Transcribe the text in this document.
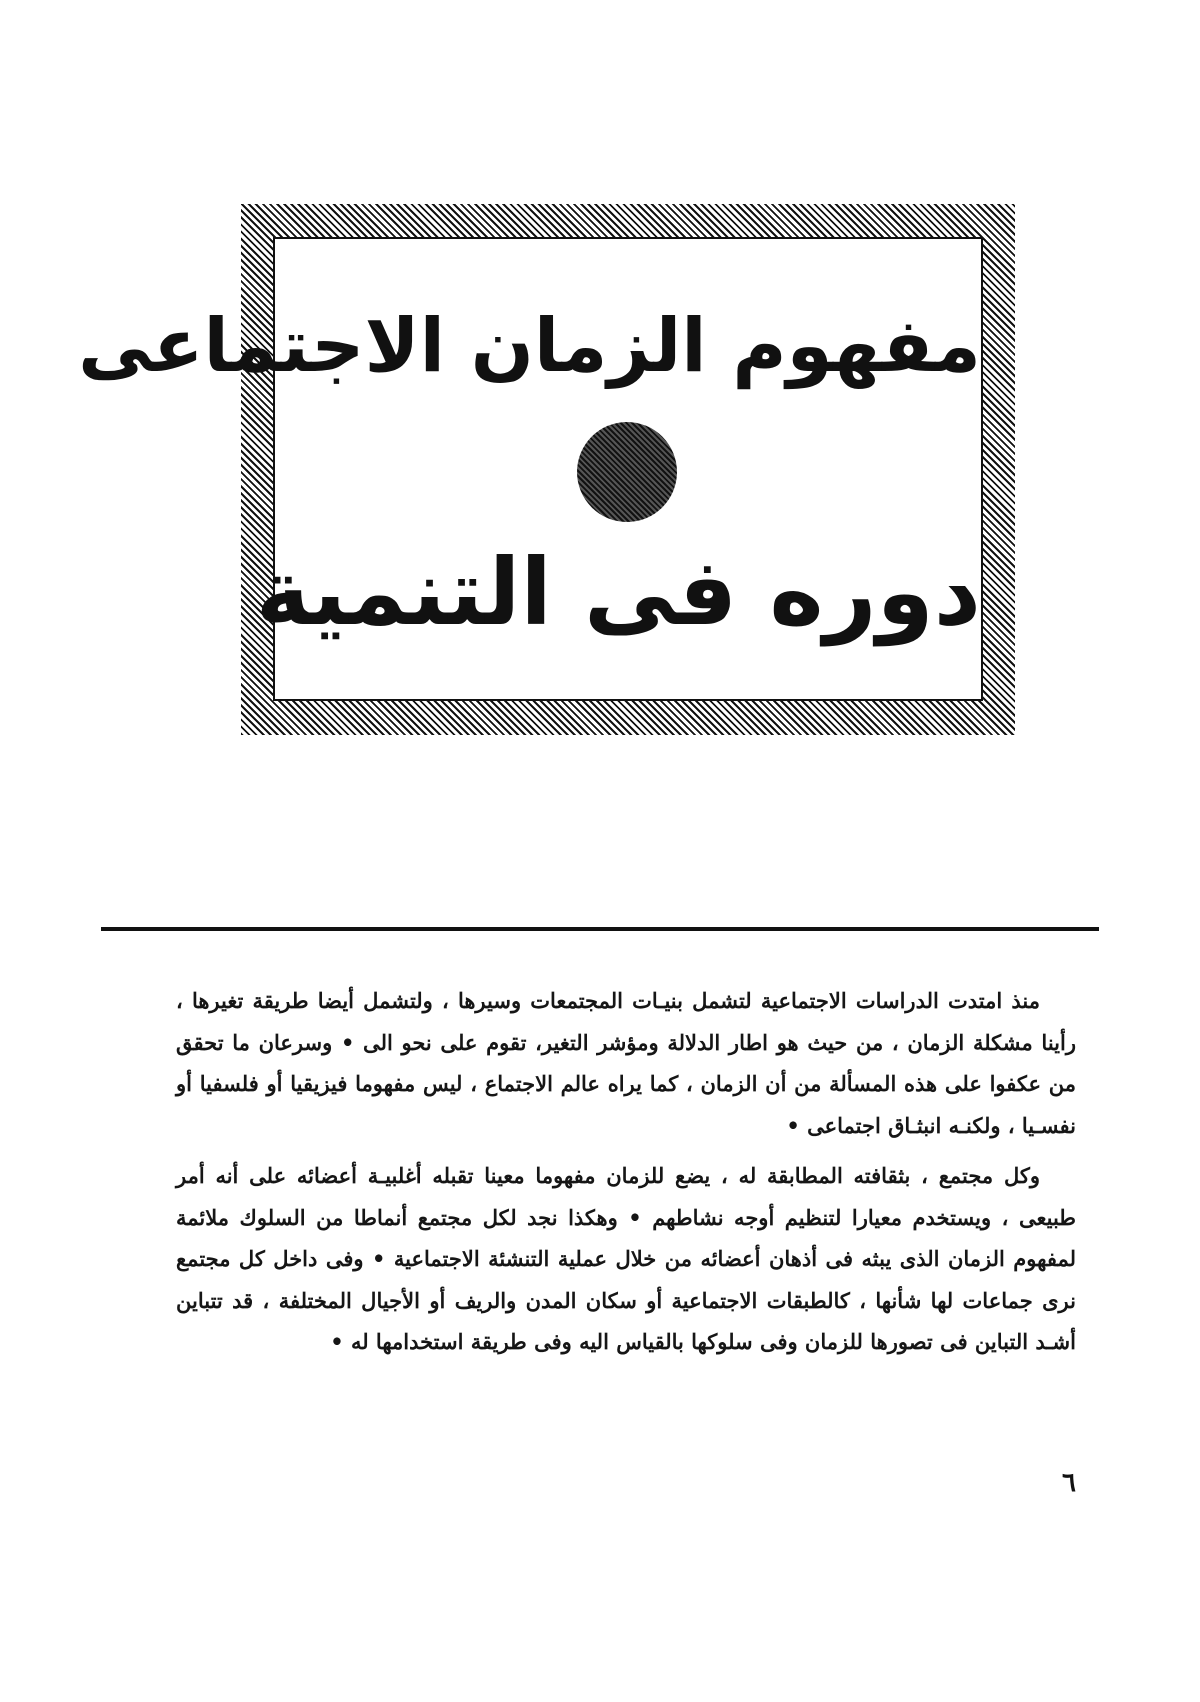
مفهوم الزمان الاجتماعى
دوره فى التنمية

منذ امتدت الدراسات الاجتماعية لتشمل بنيـات المجتمعات وسيرها ، ولتشمل أيضا طريقة تغيرها ، رأينا مشكلة الزمان ، من حيث هو اطار الدلالة ومؤشر التغير، تقوم على نحو الى • وسرعان ما تحقق من عكفوا على هذه المسألة من أن الزمان ، كما يراه عالم الاجتماع ، ليس مفهوما فيزيقيا أو فلسفيا أو نفسـيا ، ولكنـه انبثـاق اجتماعى •

وكل مجتمع ، بثقافته المطابقة له ، يضع للزمان مفهوما معينا تقبله أغلبيـة أعضائه على أنه أمر طبيعى ، ويستخدم معيارا لتنظيم أوجه نشاطهم • وهكذا نجد لكل مجتمع أنماطا من السلوك ملائمة لمفهوم الزمان الذى يبثه فى أذهان أعضائه من خلال عملية التنشئة الاجتماعية • وفى داخل كل مجتمع نرى جماعات لها شأنها ، كالطبقات الاجتماعية أو سكان المدن والريف أو الأجيال المختلفة ، قد تتباين أشـد التباين فى تصورها للزمان وفى سلوكها بالقياس اليه وفى طريقة استخدامها له •

٦
